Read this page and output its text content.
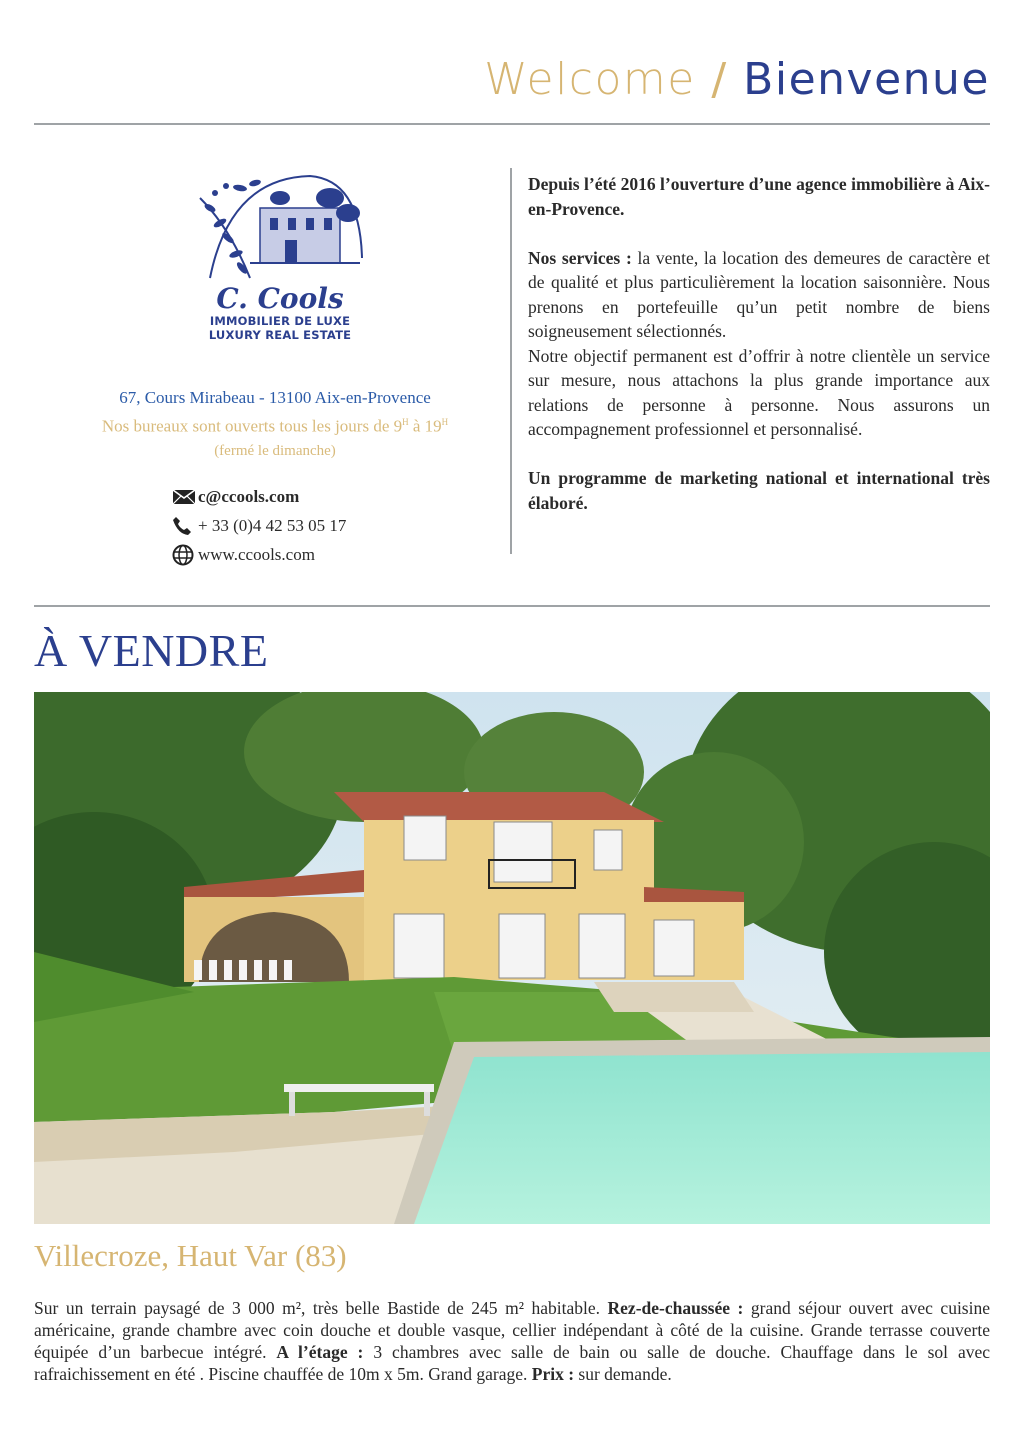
Welcome / Bienvenue
C. Cools
IMMOBILIER DE LUXE
LUXURY REAL ESTATE
67, Cours Mirabeau - 13100 Aix-en-Provence
Nos bureaux sont ouverts tous les jours de $9^H$ à $19^H$
(fermé le dimanche)
c@ccools.com
+ 33 (0)4 42 53 05 17
www.ccools.com

Depuis l’été 2016 l’ouverture d’une agence immobilière à Aix-en-Provence.

Nos services : la vente, la location des demeures de caractère et de qualité et plus particulièrement la location saisonnière. Nous prenons en portefeuille qu’un petit nombre de biens soigneusement sélectionnés.
Notre objectif permanent est d’offrir à notre clientèle un service sur mesure, nous attachons la plus grande importance aux relations de personne à personne. Nous assurons un accompagnement professionnel et personnalisé.

Un programme de marketing national et international très élaboré.

À VENDRE
Villecroze, Haut Var (83)
Sur un terrain paysagé de 3 000 m², très belle Bastide de 245 m² habitable. Rez-de-chaussée : grand séjour ouvert avec cuisine américaine, grande chambre avec coin douche et double vasque, cellier indépendant à côté de la cuisine. Grande terrasse couverte équipée d’un barbecue intégré. A l’étage : 3 chambres avec salle de bain ou salle de douche. Chauffage dans le sol avec rafraichissement en été . Piscine chauffée de 10m x 5m. Grand garage. Prix : sur demande.
